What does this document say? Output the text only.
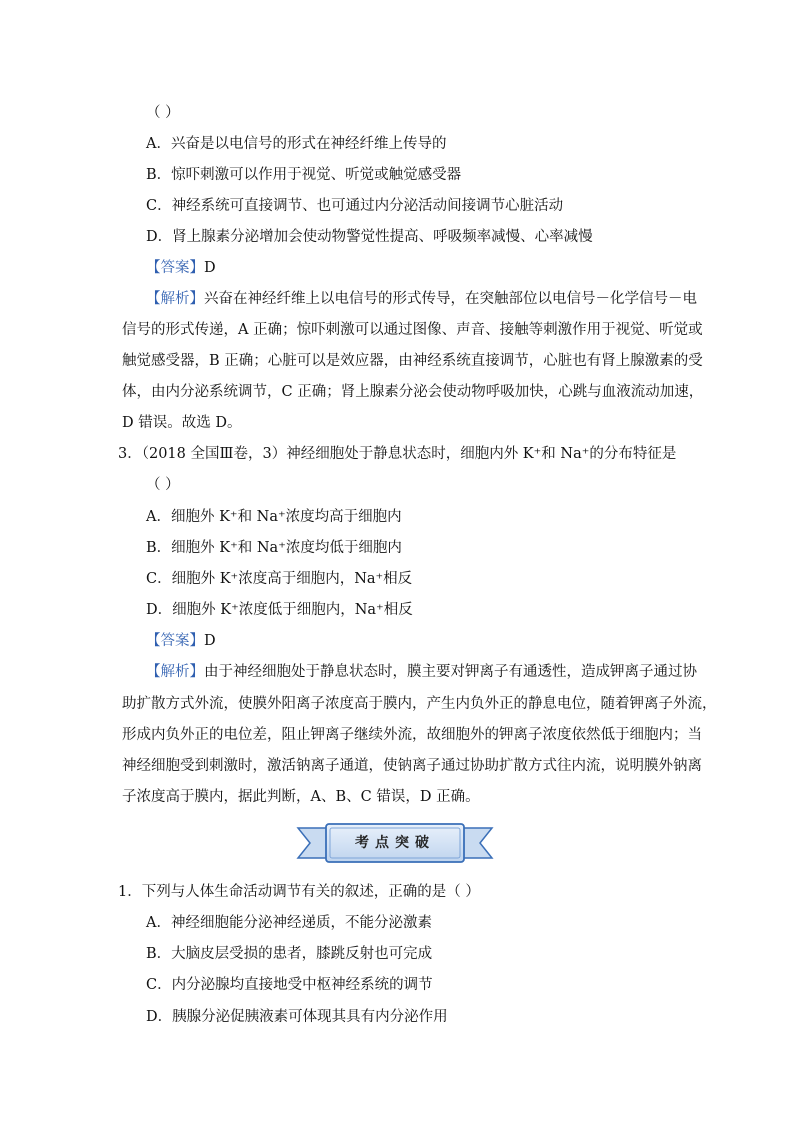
（ ）
A．兴奋是以电信号的形式在神经纤维上传导的
B．惊吓刺激可以作用于视觉、听觉或触觉感受器
C．神经系统可直接调节、也可通过内分泌活动间接调节心脏活动
D．肾上腺素分泌增加会使动物警觉性提高、呼吸频率减慢、心率减慢
【答案】D
【解析】兴奋在神经纤维上以电信号的形式传导，在突触部位以电信号－化学信号－电
信号的形式传递，A 正确；惊吓刺激可以通过图像、声音、接触等刺激作用于视觉、听觉或
触觉感受器，B 正确；心脏可以是效应器，由神经系统直接调节，心脏也有肾上腺激素的受
体，由内分泌系统调节，C 正确；肾上腺素分泌会使动物呼吸加快，心跳与血液流动加速，
D 错误。故选 D。
3．（2018 全国Ⅲ卷，3）神经细胞处于静息状态时，细胞内外 K⁺和 Na⁺的分布特征是
（ ）
A．细胞外 K⁺和 Na⁺浓度均高于细胞内
B．细胞外 K⁺和 Na⁺浓度均低于细胞内
C．细胞外 K⁺浓度高于细胞内，Na⁺相反
D．细胞外 K⁺浓度低于细胞内，Na⁺相反
【答案】D
【解析】由于神经细胞处于静息状态时，膜主要对钾离子有通透性，造成钾离子通过协
助扩散方式外流，使膜外阳离子浓度高于膜内，产生内负外正的静息电位，随着钾离子外流，
形成内负外正的电位差，阻止钾离子继续外流，故细胞外的钾离子浓度依然低于细胞内；当
神经细胞受到刺激时，激活钠离子通道，使钠离子通过协助扩散方式往内流，说明膜外钠离
子浓度高于膜内，据此判断，A、B、C 错误，D 正确。
考点突破
1．下列与人体生命活动调节有关的叙述，正确的是（ ）
A．神经细胞能分泌神经递质，不能分泌激素
B．大脑皮层受损的患者，膝跳反射也可完成
C．内分泌腺均直接地受中枢神经系统的调节
D．胰腺分泌促胰液素可体现其具有内分泌作用
